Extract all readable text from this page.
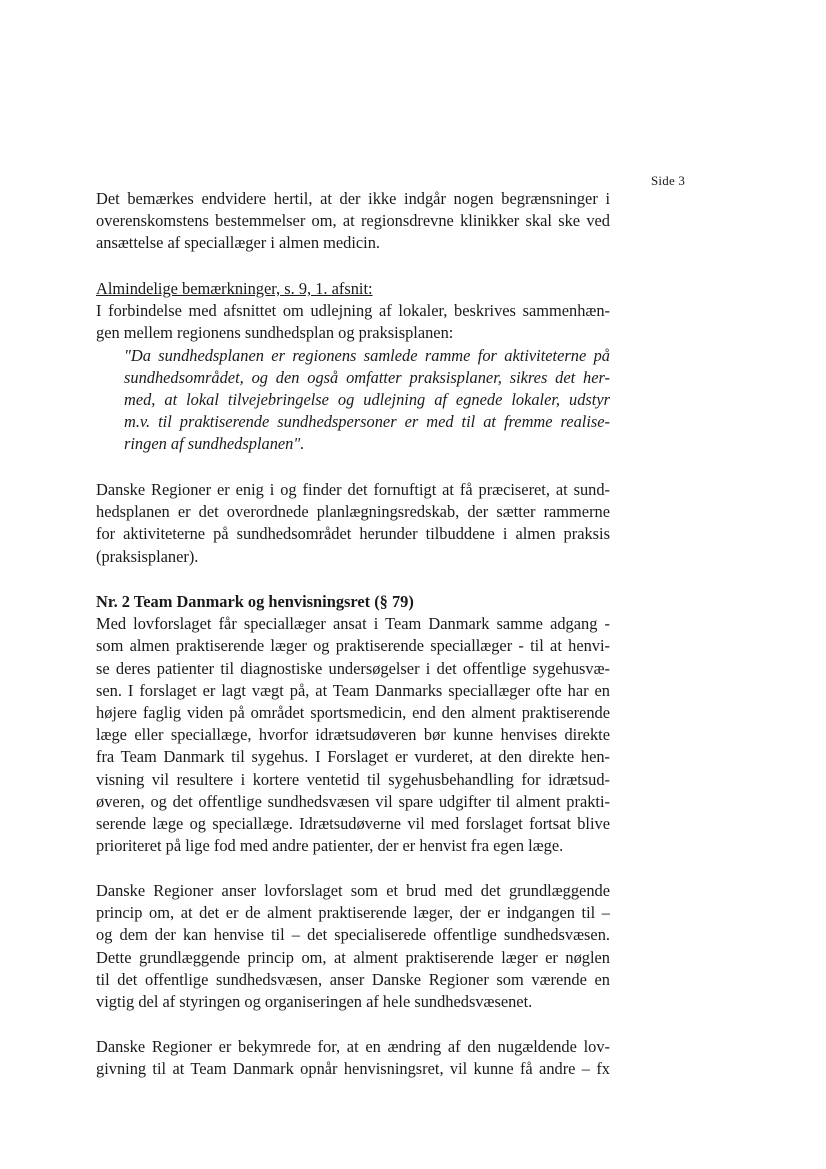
Side 3

Det bemærkes endvidere hertil, at der ikke indgår nogen begrænsninger i

overenskomstens bestemmelser om, at regionsdrevne klinikker skal ske ved

ansættelse af speciallæger i almen medicin.

Almindelige bemærkninger, s. 9, 1. afsnit:

I forbindelse med afsnittet om udlejning af lokaler, beskrives sammenhæn-

gen mellem regionens sundhedsplan og praksisplanen:

"Da sundhedsplanen er regionens samlede ramme for aktiviteterne på

sundhedsområdet, og den også omfatter praksisplaner, sikres det her-

med, at lokal tilvejebringelse og udlejning af egnede lokaler, udstyr

m.v. til praktiserende sundhedspersoner er med til at fremme realise-

ringen af sundhedsplanen".

Danske Regioner er enig i og finder det fornuftigt at få præciseret, at sund-

hedsplanen er det overordnede planlægningsredskab, der sætter rammerne

for aktiviteterne på sundhedsområdet herunder tilbuddene i almen praksis

(praksisplaner).

Nr. 2 Team Danmark og henvisningsret (§ 79)

Med lovforslaget får speciallæger ansat i Team Danmark samme adgang -

som almen praktiserende læger og praktiserende speciallæger - til at henvi-

se deres patienter til diagnostiske undersøgelser i det offentlige sygehusvæ-

sen. I forslaget er lagt vægt på, at Team Danmarks speciallæger ofte har en

højere faglig viden på området sportsmedicin, end den alment praktiserende

læge eller speciallæge, hvorfor idrætsudøveren bør kunne henvises direkte

fra Team Danmark til sygehus. I Forslaget er vurderet, at den direkte hen-

visning vil resultere i kortere ventetid til sygehusbehandling for idrætsud-

øveren, og det offentlige sundhedsvæsen vil spare udgifter til alment prakti-

serende læge og speciallæge. Idrætsudøverne vil med forslaget fortsat blive

prioriteret på lige fod med andre patienter, der er henvist fra egen læge.

Danske Regioner anser lovforslaget som et brud med det grundlæggende

princip om, at det er de alment praktiserende læger, der er indgangen til –

og dem der kan henvise til – det specialiserede offentlige sundhedsvæsen.

Dette grundlæggende princip om, at alment praktiserende læger er nøglen

til det offentlige sundhedsvæsen, anser Danske Regioner som værende en

vigtig del af styringen og organiseringen af hele sundhedsvæsenet.

Danske Regioner er bekymrede for, at en ændring af den nugældende lov-

givning til at Team Danmark opnår henvisningsret, vil kunne få andre – fx
